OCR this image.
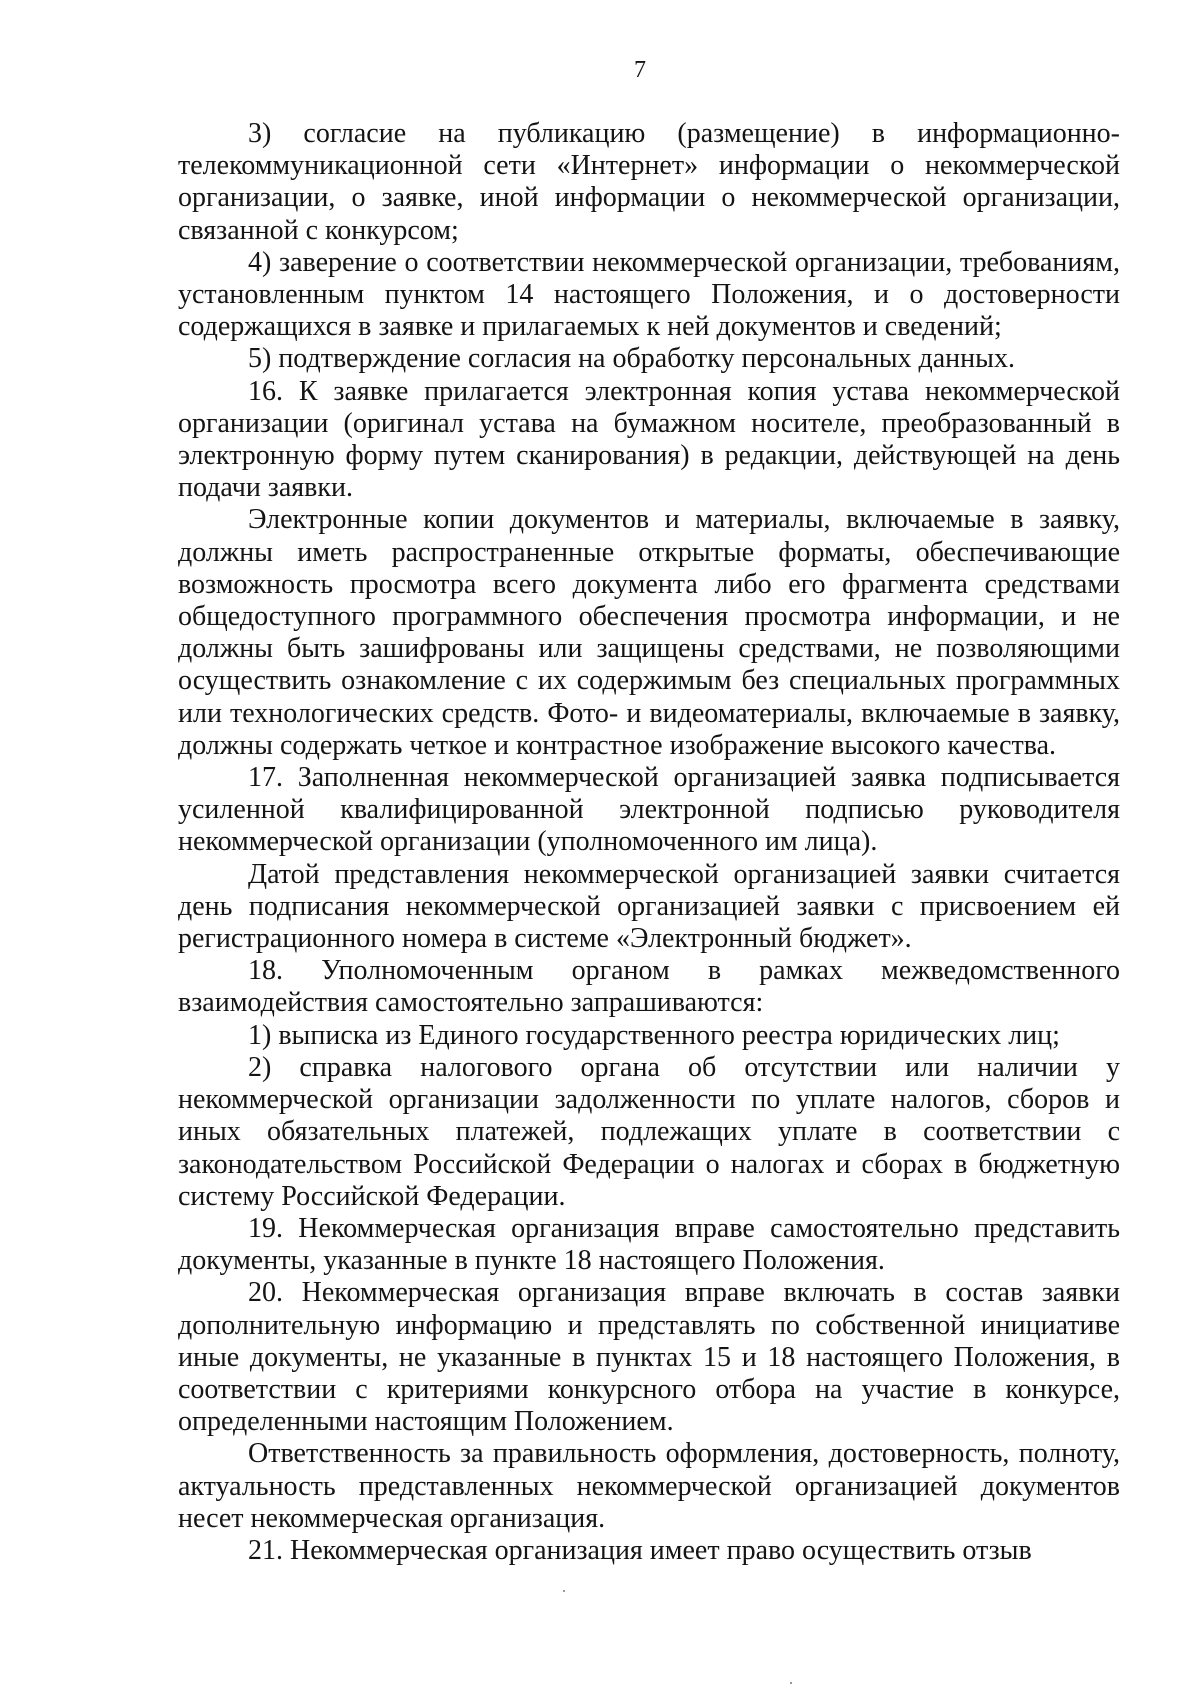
7

3) согласие на публикацию (размещение) в информационно-телекоммуникационной сети «Интернет» информации о некоммерческой организации, о заявке, иной информации о некоммерческой организации, связанной с конкурсом;

4) заверение о соответствии некоммерческой организации, требованиям, установленным пунктом 14 настоящего Положения, и о достоверности содержащихся в заявке и прилагаемых к ней документов и сведений;

5) подтверждение согласия на обработку персональных данных.

16. К заявке прилагается электронная копия устава некоммерческой организации (оригинал устава на бумажном носителе, преобразованный в электронную форму путем сканирования) в редакции, действующей на день подачи заявки.

Электронные копии документов и материалы, включаемые в заявку, должны иметь распространенные открытые форматы, обеспечивающие возможность просмотра всего документа либо его фрагмента средствами общедоступного программного обеспечения просмотра информации, и не должны быть зашифрованы или защищены средствами, не позволяющими осуществить ознакомление с их содержимым без специальных программных или технологических средств. Фото- и видеоматериалы, включаемые в заявку, должны содержать четкое и контрастное изображение высокого качества.

17. Заполненная некоммерческой организацией заявка подписывается усиленной квалифицированной электронной подписью руководителя некоммерческой организации (уполномоченного им лица).

Датой представления некоммерческой организацией заявки считается день подписания некоммерческой организацией заявки с присвоением ей регистрационного номера в системе «Электронный бюджет».

18. Уполномоченным органом в рамках межведомственного взаимодействия самостоятельно запрашиваются:

1) выписка из Единого государственного реестра юридических лиц;

2) справка налогового органа об отсутствии или наличии у некоммерческой организации задолженности по уплате налогов, сборов и иных обязательных платежей, подлежащих уплате в соответствии с законодательством Российской Федерации о налогах и сборах в бюджетную систему Российской Федерации.

19. Некоммерческая организация вправе самостоятельно представить документы, указанные в пункте 18 настоящего Положения.

20. Некоммерческая организация вправе включать в состав заявки дополнительную информацию и представлять по собственной инициативе иные документы, не указанные в пунктах 15 и 18 настоящего Положения, в соответствии с критериями конкурсного отбора на участие в конкурсе, определенными настоящим Положением.

Ответственность за правильность оформления, достоверность, полноту, актуальность представленных некоммерческой организацией документов несет некоммерческая организация.

21. Некоммерческая организация имеет право осуществить отзыв
